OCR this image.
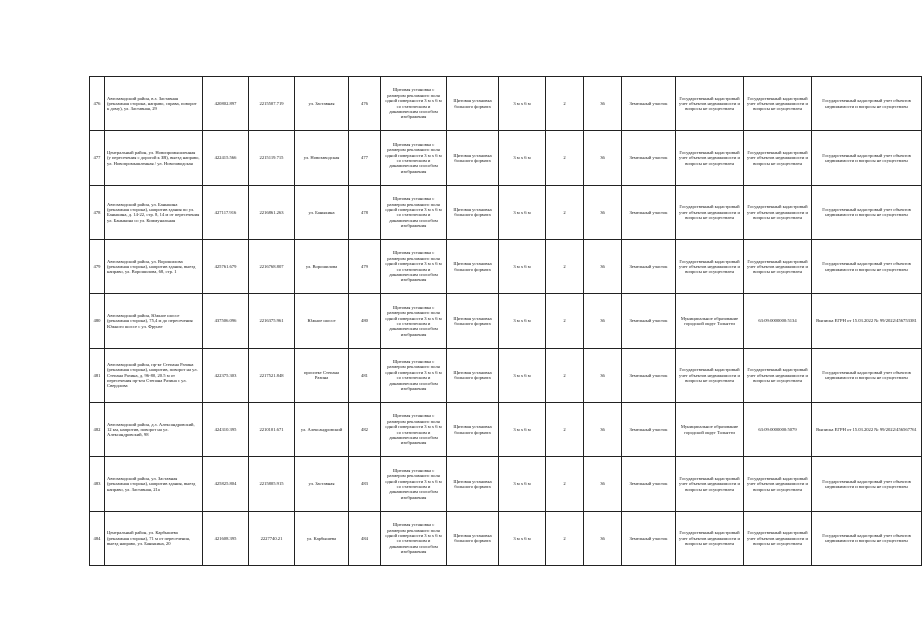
476	Автозаводский район, в.з. Заставная (рекламная сторона, направо, справа, поворот к дому), ул. Заставная, 29	420802.897	2215507.719	ул. Заставная	476	Щитовая установка с размером рекламного поля одной поверхности 3 м х 6 м со статическим и динамическим способом изображения	Щитовая установка большого формата	3 м х 6 м	2	36	Земельный участок	Государственный кадастровый учет объектов недвижимости и вопросы не осуществлен	Государственный кадастровый учет объектов недвижимости и вопросы не осуществлен	Государственный кадастровый учет объектов недвижимости и вопросы не осуществлен
477	Центральный район, ул. Новопромышленная (у пересечения с дорогой к ЗВ), выезд направо, ул. Новопромышленная / ул. Новозаводская	422415.566	2215119.715	ул. Новозаводская	477	Щитовая установка с размером рекламного поля одной поверхности 3 м х 6 м со статическим и динамическим способом изображения	Щитовая установка большого формата	3 м х 6 м	2	36	Земельный участок	Государственный кадастровый учет объектов недвижимости и вопросы не осуществлен	Государственный кадастровый учет объектов недвижимости и вопросы не осуществлен	Государственный кадастровый учет объектов недвижимости и вопросы не осуществлен
478	Автозаводский район, ул. Баныкина (рекламная сторона), напротив здания по ул. Баныкина, д. 14-22, стр. 8, 14 м от пересечения ул. Баныкина со ул. Коммунальная	427117.916	2216861.263	ул. Баныкина	478	Щитовая установка с размером рекламного поля одной поверхности 3 м х 6 м со статическим и динамическим способом изображения	Щитовая установка большого формата	3 м х 6 м	2	36	Земельный участок	Государственный кадастровый учет объектов недвижимости и вопросы не осуществлен	Государственный кадастровый учет объектов недвижимости и вопросы не осуществлен	Государственный кадастровый учет объектов недвижимости и вопросы не осуществлен
479	Автозаводский район, ул. Ворошилова (рекламная сторона), напротив здания, выезд направо, ул. Ворошилова, 68, стр. 1	425761.679	2216768.807	ул. Ворошилова	479	Щитовая установка с размером рекламного поля одной поверхности 3 м х 6 м со статическим и динамическим способом изображения	Щитовая установка большого формата	3 м х 6 м	2	36	Земельный участок	Государственный кадастровый учет объектов недвижимости и вопросы не осуществлен	Государственный кадастровый учет объектов недвижимости и вопросы не осуществлен	Государственный кадастровый учет объектов недвижимости и вопросы не осуществлен
480	Автозаводский район, Южное шоссе (рекламная сторона), 75,4 м до пересечения Южного шоссе с ул. Фрунзе	437506.096	2216375.961	Южное шоссе	480	Щитовая установка с размером рекламного поля одной поверхности 3 м х 6 м со статическим и динамическим способом изображения	Щитовая установка большого формата	3 м х 6 м	2	36	Земельный участок	Муниципальное образование городской округ Тольятти	63:09:0000000:5134	Выписка ЕГРН от 15.03.2022 № 99/2022/456753381
481	Автозаводский район, пр-кт Степана Разина (рекламная сторона), напротив, поворот на ул. Степана Разина, д. 96-80, 20.5 м от пересечения пр-кта Степана Разина с ул. Свердлова	422375.303	2217521.848	проспект Степана Разина	481	Щитовая установка с размером рекламного поля одной поверхности 3 м х 6 м со статическим и динамическим способом изображения	Щитовая установка большого формата	3 м х 6 м	2	36	Земельный участок	Государственный кадастровый учет объектов недвижимости и вопросы не осуществлен	Государственный кадастровый учет объектов недвижимости и вопросы не осуществлен	Государственный кадастровый учет объектов недвижимости и вопросы не осуществлен
482	Автозаводский район, д.з. Александровский, 12 км, напротив, поворот на ул. Александровский, 98	424310.395	2210101.671	ул. Александровский	482	Щитовая установка с размером рекламного поля одной поверхности 3 м х 6 м со статическим и динамическим способом изображения	Щитовая установка большого формата	3 м х 6 м	2	36	Земельный участок	Муниципальное образование городской округ Тольятти	63:09:0000000:5079	Выписка ЕГРН от 15.03.2022 № 99/2022/456567761
483	Автозаводский район, ул. Заставная (рекламная сторона), напротив здания, выезд направо, ул. Заставная, 21а	425825.804	2215805.915	ул. Заставная	483	Щитовая установка с размером рекламного поля одной поверхности 3 м х 6 м со статическим и динамическим способом изображения	Щитовая установка большого формата	3 м х 6 м	2	36	Земельный участок	Государственный кадастровый учет объектов недвижимости и вопросы не осуществлен	Государственный кадастровый учет объектов недвижимости и вопросы не осуществлен	Государственный кадастровый учет объектов недвижимости и вопросы не осуществлен
484	Центральный район, ул. Карбышева (рекламная сторона), 71 м от пересечения, выезд направо, ул. Баныкина, 20	421608.395	2227740.21	ул. Карбышева	484	Щитовая установка с размером рекламного поля одной поверхности 3 м х 6 м со статическим и динамическим способом изображения	Щитовая установка большого формата	3 м х 6 м	2	36	Земельный участок	Государственный кадастровый учет объектов недвижимости и вопросы не осуществлен	Государственный кадастровый учет объектов недвижимости и вопросы не осуществлен	Государственный кадастровый учет объектов недвижимости и вопросы не осуществлен
